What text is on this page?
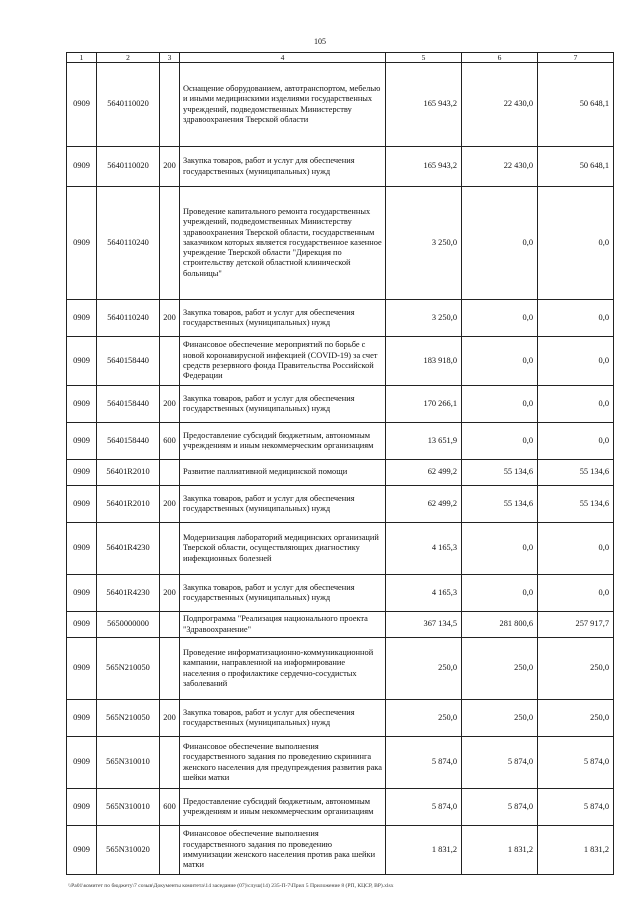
105
1	2	3	4	5	6	7
0909	5640110020		Оснащение оборудованием, автотранспортом, мебелью и иными медицинскими изделиями государственных учреждений, подведомственных Министерству здравоохранения Тверской области	165 943,2	22 430,0	50 648,1
0909	5640110020	200	Закупка товаров, работ и услуг для обеспечения государственных (муниципальных) нужд	165 943,2	22 430,0	50 648,1
0909	5640110240		Проведение капитального ремонта государственных учреждений, подведомственных Министерству здравоохранения Тверской области, государственным заказчиком которых является государственное казенное учреждение Тверской области "Дирекция по строительству детской областной клинической больницы"	3 250,0	0,0	0,0
0909	5640110240	200	Закупка товаров, работ и услуг для обеспечения государственных (муниципальных) нужд	3 250,0	0,0	0,0
0909	5640158440		Финансовое обеспечение мероприятий по борьбе с новой коронавирусной инфекцией (COVID-19) за счет средств резервного фонда Правительства Российской Федерации	183 918,0	0,0	0,0
0909	5640158440	200	Закупка товаров, работ и услуг для обеспечения государственных (муниципальных) нужд	170 266,1	0,0	0,0
0909	5640158440	600	Предоставление субсидий бюджетным, автономным учреждениям и иным некоммерческим организациям	13 651,9	0,0	0,0
0909	56401R2010		Развитие паллиативной медицинской помощи	62 499,2	55 134,6	55 134,6
0909	56401R2010	200	Закупка товаров, работ и услуг для обеспечения государственных (муниципальных) нужд	62 499,2	55 134,6	55 134,6
0909	56401R4230		Модернизация лабораторий медицинских организаций Тверской области, осуществляющих диагностику инфекционных болезней	4 165,3	0,0	0,0
0909	56401R4230	200	Закупка товаров, работ и услуг для обеспечения государственных (муниципальных) нужд	4 165,3	0,0	0,0
0909	5650000000		Подпрограмма "Реализация национального проекта "Здравоохранение"	367 134,5	281 800,6	257 917,7
0909	565N210050		Проведение информатизационно-коммуникационной кампании, направленной на информирование населения о профилактике сердечно-сосудистых заболеваний	250,0	250,0	250,0
0909	565N210050	200	Закупка товаров, работ и услуг для обеспечения государственных (муниципальных) нужд	250,0	250,0	250,0
0909	565N310010		Финансовое обеспечение выполнения государственного задания по проведению скрининга женского населения для предупреждения развития рака шейки матки	5 874,0	5 874,0	5 874,0
0909	565N310010	600	Предоставление субсидий бюджетным, автономным учреждениям и иным некоммерческим организациям	5 874,0	5 874,0	5 874,0
0909	565N310020		Финансовое обеспечение выполнения государственного задания по проведению иммунизации женского населения против рака шейки матки	1 831,2	1 831,2	1 831,2
\\Pa01\комитет по бюджету\7 созыв\Документы комитета\14 заседание (07)\слуш(14) 235-П-7\Прил 5 Приложение 8 (РП, КЦСР, ВР).xlsx
